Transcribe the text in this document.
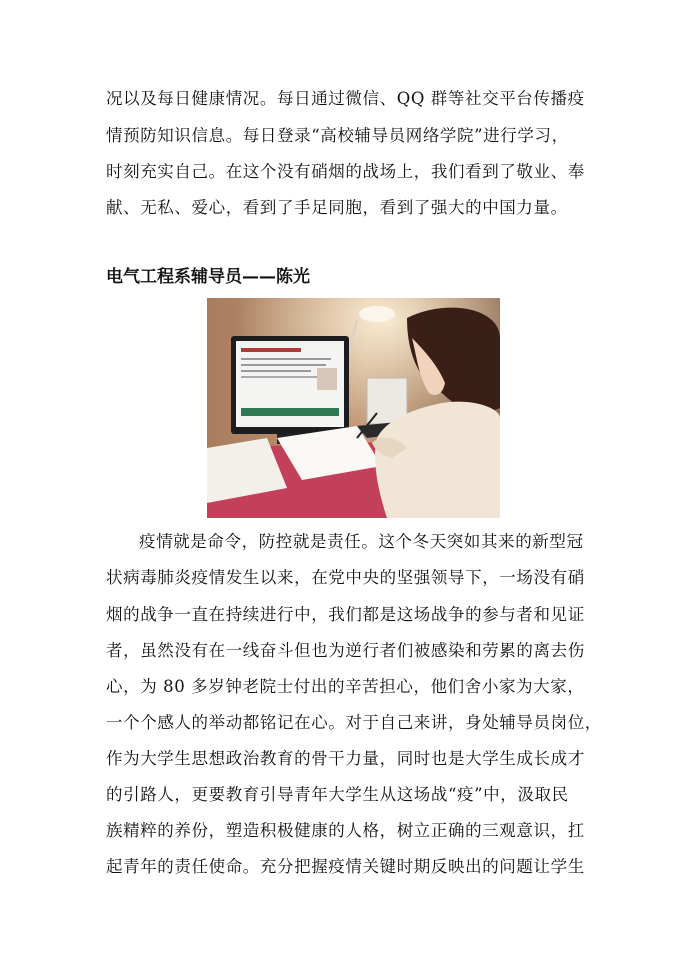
况以及每日健康情况。每日通过微信、QQ 群等社交平台传播疫
情预防知识信息。每日登录“高校辅导员网络学院”进行学习，
时刻充实自己。在这个没有硝烟的战场上，我们看到了敬业、奉
献、无私、爱心，看到了手足同胞，看到了强大的中国力量。
电气工程系辅导员——陈光
疫情就是命令，防控就是责任。这个冬天突如其来的新型冠
状病毒肺炎疫情发生以来，在党中央的坚强领导下，一场没有硝
烟的战争一直在持续进行中，我们都是这场战争的参与者和见证
者，虽然没有在一线奋斗但也为逆行者们被感染和劳累的离去伤
心，为 80 多岁钟老院士付出的辛苦担心，他们舍小家为大家，
一个个感人的举动都铭记在心。对于自己来讲，身处辅导员岗位，
作为大学生思想政治教育的骨干力量，同时也是大学生成长成才
的引路人，更要教育引导青年大学生从这场战“疫”中，汲取民
族精粹的养份，塑造积极健康的人格，树立正确的三观意识，扛
起青年的责任使命。充分把握疫情关键时期反映出的问题让学生
